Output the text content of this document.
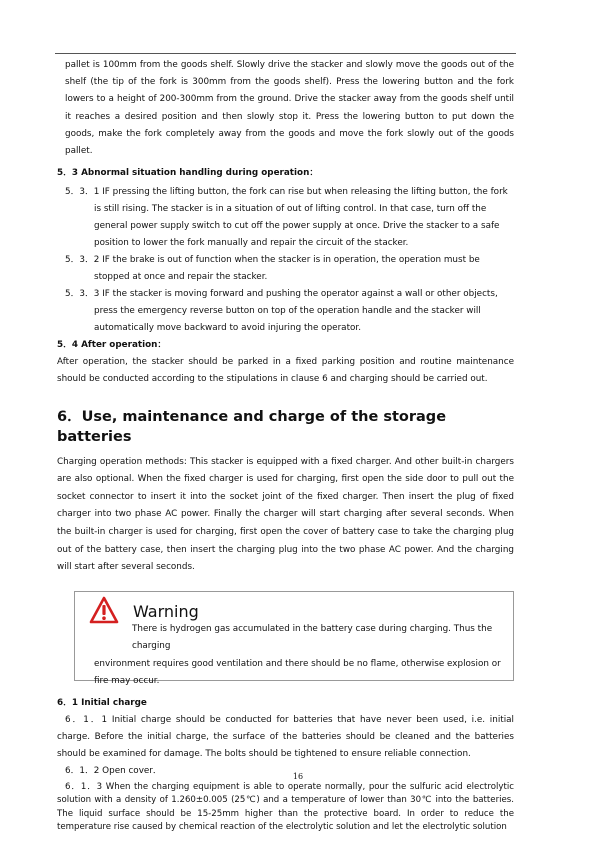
pallet is 100mm from the goods shelf. Slowly drive the stacker and slowly move the goods out of the shelf (the tip of the fork is 300mm from the goods shelf). Press the lowering button and the fork lowers to a height of 200-300mm from the ground. Drive the stacker away from the goods shelf until it reaches a desired position and then slowly stop it. Press the lowering button to put down the goods, make the fork completely away from the goods and move the fork slowly out of the goods pallet.

5．3 Abnormal situation handling during operation：
5．3．1 IF pressing the lifting button, the fork can rise but when releasing the lifting button, the fork is still rising. The stacker is in a situation of out of lifting control. In that case, turn off the general power supply switch to cut off the power supply at once. Drive the stacker to a safe position to lower the fork manually and repair the circuit of the stacker.
5．3．2 IF the brake is out of function when the stacker is in operation, the operation must be stopped at once and repair the stacker.
5．3．3 IF the stacker is moving forward and pushing the operator against a wall or other objects, press the emergency reverse button on top of the operation handle and the stacker will automatically move backward to avoid injuring the operator.
5．4 After operation：

After operation, the stacker should be parked in a fixed parking position and routine maintenance should be conducted according to the stipulations in clause 6 and charging should be carried out.

6．Use, maintenance and charge of the storage batteries

Charging operation methods: This stacker is equipped with a fixed charger. And other built-in chargers are also optional. When the fixed charger is used for charging, first open the side door to pull out the socket connector to insert it into the socket joint of the fixed charger. Then insert the plug of fixed charger into two phase AC power. Finally the charger will start charging after several seconds. When the built-in charger is used for charging, first open the cover of battery case to take the charging plug out of the battery case, then insert the charging plug into the two phase AC power. And the charging will start after several seconds.

Warning
There is hydrogen gas accumulated in the battery case during charging. Thus the charging
environment requires good ventilation and there should be no flame, otherwise explosion or fire may occur.
6．1 Initial charge

6．1．1 Initial charge should be conducted for batteries that have never been used, i.e. initial charge. Before the initial charge, the surface of the batteries should be cleaned and the batteries should be examined for damage. The bolts should be tightened to ensure reliable connection.

6．1．2 Open cover．

6．1．3 When the charging equipment is able to operate normally, pour the sulfuric acid electrolytic solution with a density of 1.260±0.005 (25℃) and a temperature of lower than 30℃ into the batteries. The liquid surface should be 15-25mm higher than the protective board. In order to reduce the temperature rise caused by chemical reaction of the electrolytic solution and let the electrolytic solution

16
